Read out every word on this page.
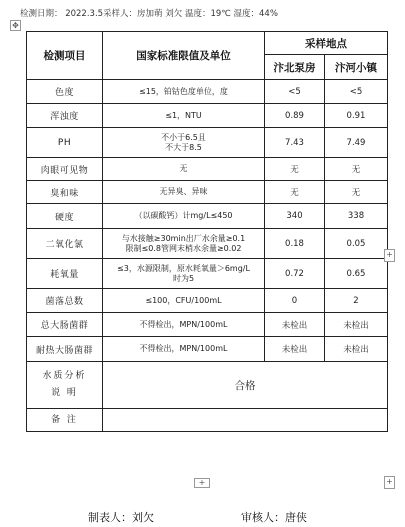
检测日期： 2022.3.5采样人：房加萌 刘欠 温度：19℃ 湿度：44%
✥
检测项目	国家标准限值及单位	采样地点	
		汴北泵房	汴河小镇
色度	≤15，铂钴色度单位，度	<5	<5
浑浊度	≤1，NTU	0.89	0.91
PH	不小于6.5且
不大于8.5	7.43	7.49
肉眼可见物	无	无	无
臭和味	无异臭、异味	无	无
硬度	（以碳酸钙）计mg/L≤450	340	338
二氧化氯	与水接触≥30min出厂水余量≥0.1
限制≤0.8管网末梢水余量≥0.02	0.18	0.05
耗氧量	≤3，水源限制，原水耗氧量＞6mg/L
时为5	0.72	0.65
菌落总数	≤100，CFU/100mL	0	2
总大肠菌群	不得检出，MPN/100mL	未检出	未检出
耐热大肠菌群	不得检出，MPN/100mL	未检出	未检出
水质分析
说 明	合格		
备 注			
+
+
+
制表人：刘欠	审核人：唐侠
